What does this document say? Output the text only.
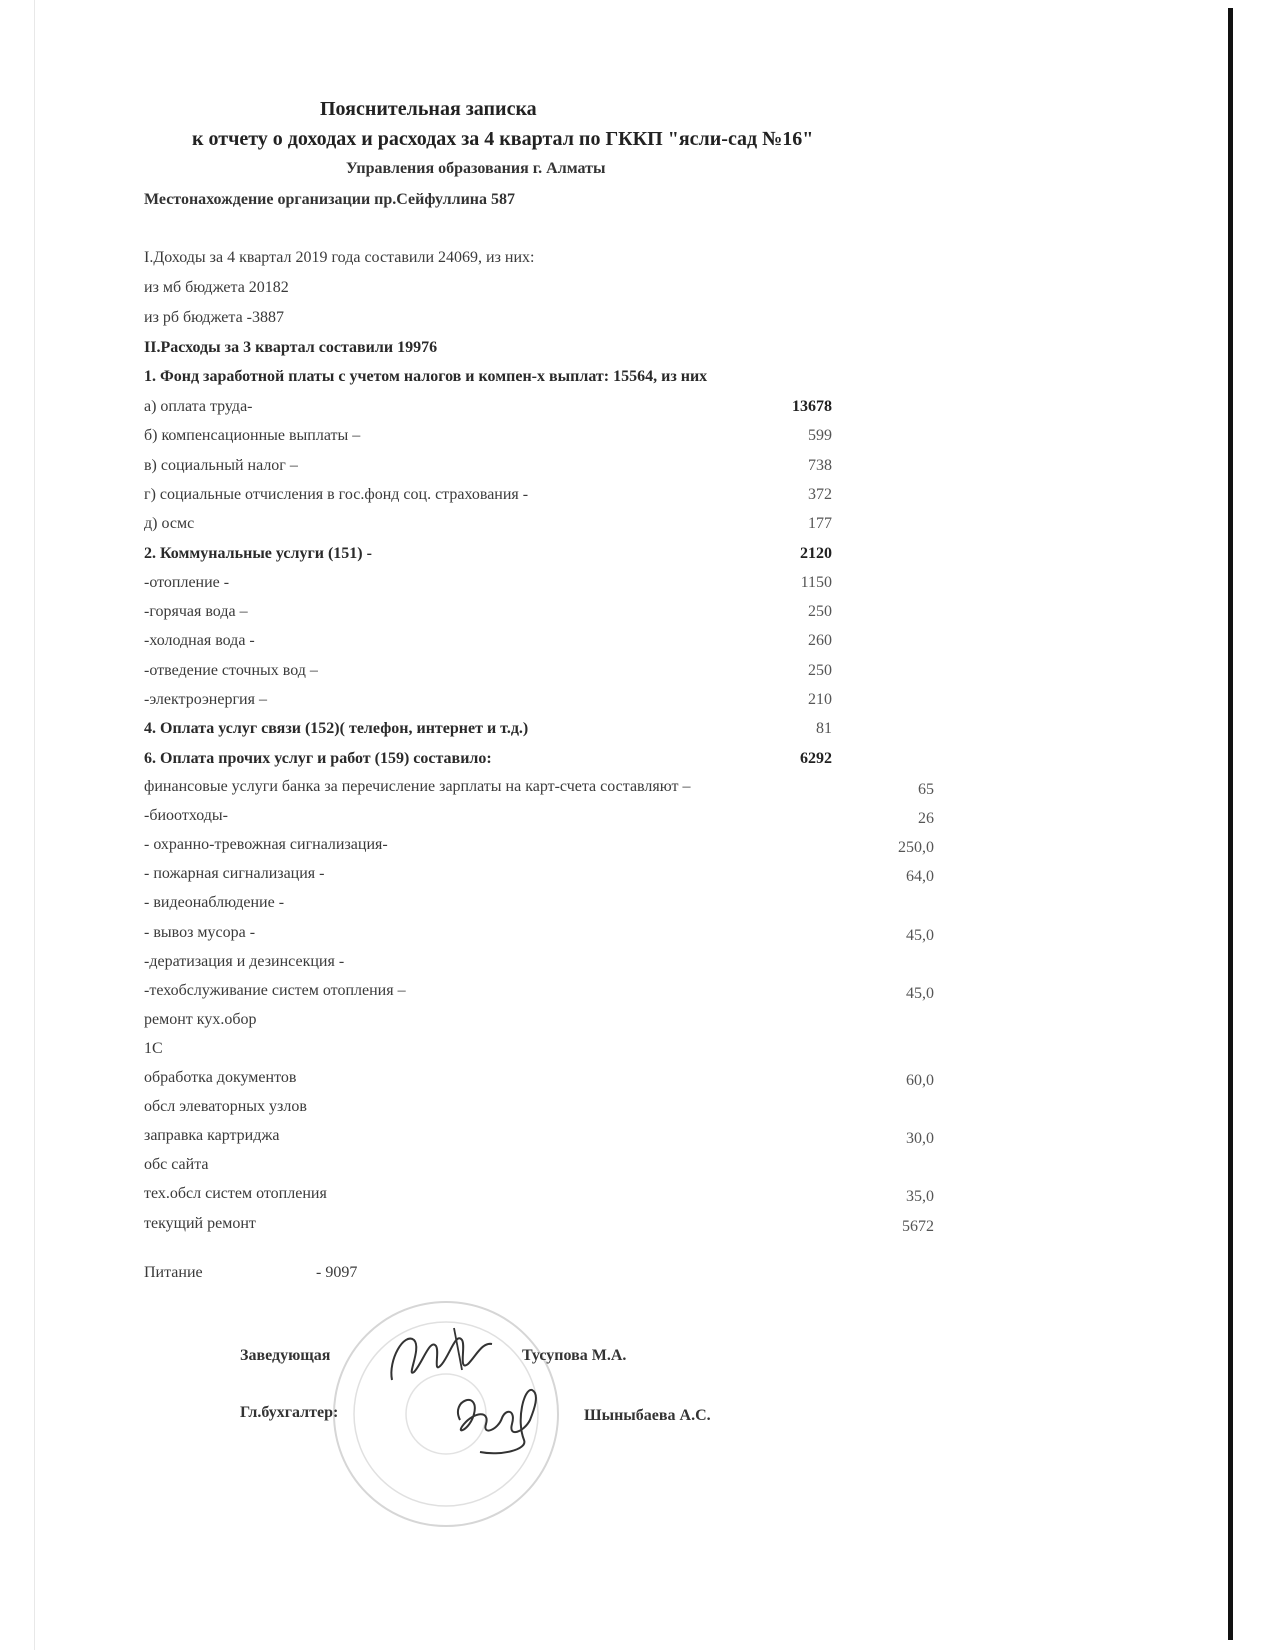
Пояснительная записка
к отчету о доходах и расходах за 4 квартал по ГККП "ясли-сад №16"
Управления образования г. Алматы
Местонахождение организации пр.Сейфуллина 587
I.Доходы за 4 квартал 2019 года составили 24069, из них:
из мб бюджета 20182
из рб бюджета -3887
II.Расходы за 3 квартал составили 19976
1. Фонд заработной платы с учетом налогов и компен-х выплат: 15564, из них
а) оплата труда-	13678
б) компенсационные выплаты –	599
в) социальный налог –	738
г) социальные отчисления в гос.фонд соц. страхования -	372
д) осмс	177
2. Коммунальные услуги (151) -	2120
-отопление -	1150
-горячая вода –	250
-холодная вода -	260
-отведение сточных вод –	250
-электроэнергия –	210
4. Оплата услуг связи (152)( телефон, интернет и т.д.)	81
6. Оплата прочих услуг и работ (159) составило:	6292
финансовые услуги банка за перечисление зарплаты на карт-счета составляют –	65
-биоотходы-	26
- охранно-тревожная сигнализация-	250,0
- пожарная сигнализация -	64,0
- видеонаблюдение -
- вывоз мусора -	45,0
-дератизация и дезинсекция -
-техобслуживание систем отопления –	45,0
ремонт кух.обор
1С
обработка документов	60,0
обсл элеваторных узлов
заправка картриджа	30,0
обс сайта
тех.обсл систем отопления	35,0
текущий ремонт	5672
Питание	- 9097
Заведующая	Тусупова М.А.
Гл.бухгалтер:	Шыныбаева А.С.
